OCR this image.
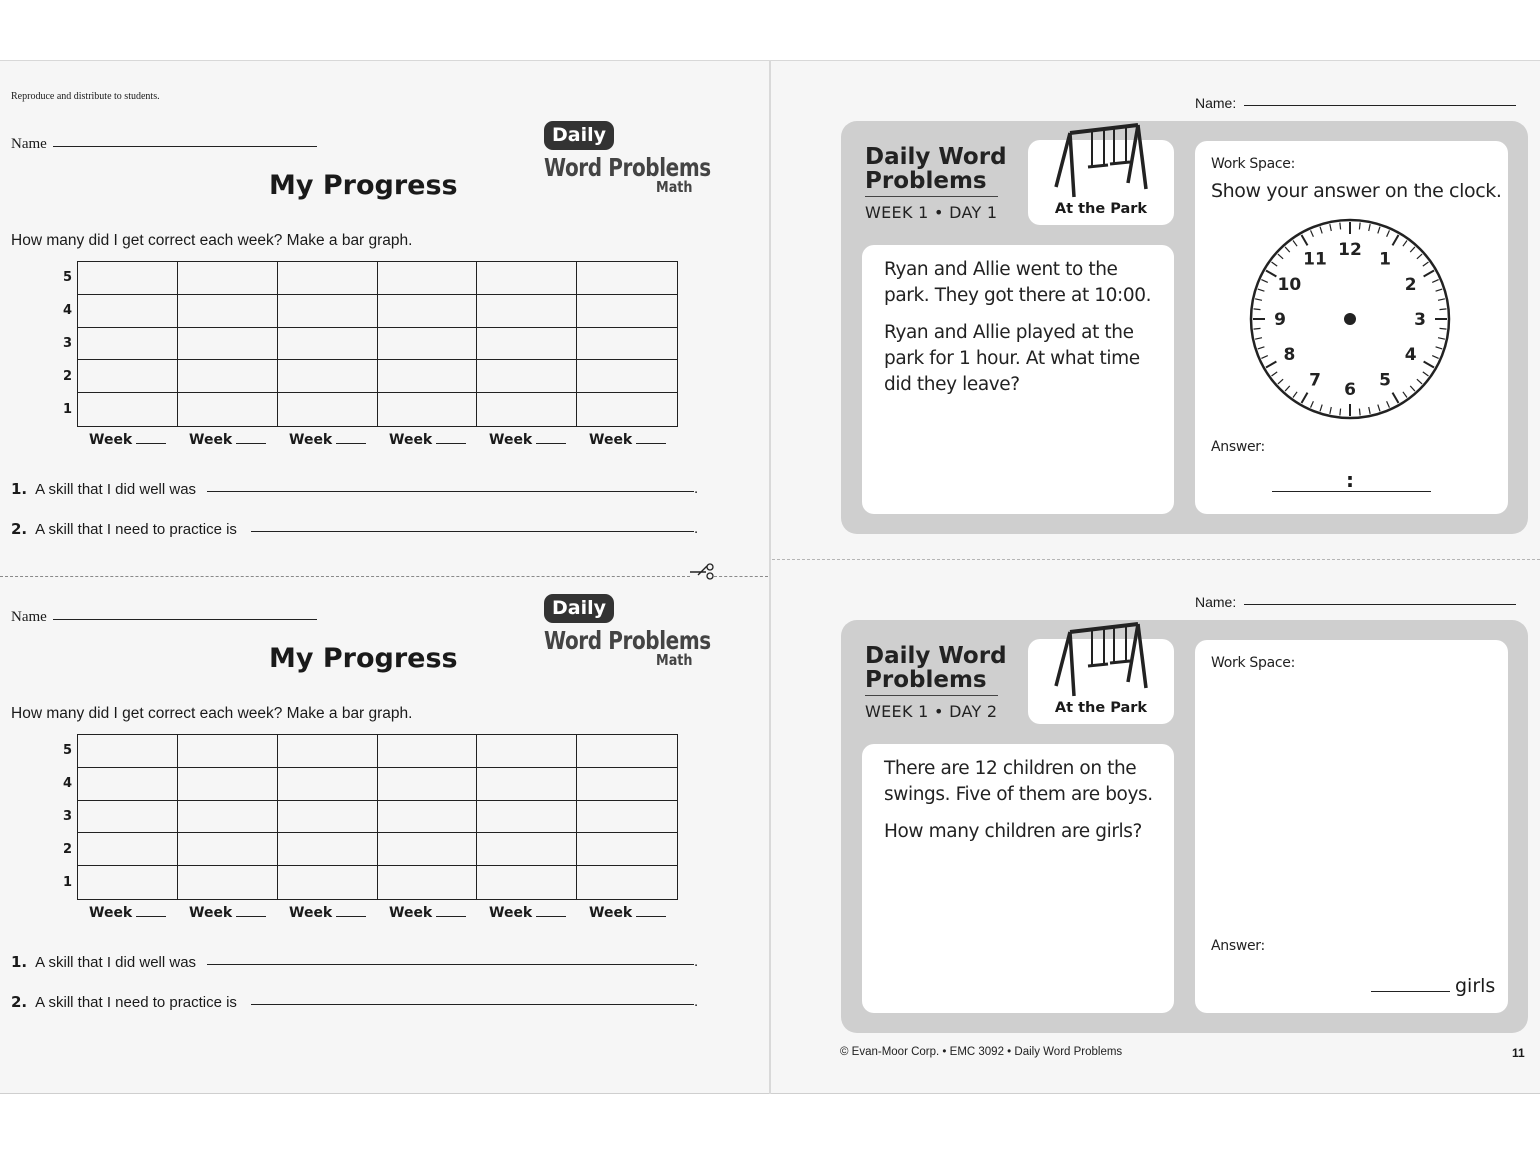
Reproduce and distribute to students.
Name	Daily
Word Problems
Math
My Progress
How many did I get correct each week? Make a bar graph.
5
4
3
2
1
Week	Week	Week	Week	Week	Week
1. A skill that I did well was	.
2. A skill that I need to practice is	.
Name	Daily
Word Problems
Math
My Progress
How many did I get correct each week? Make a bar graph.
5
4
3
2
1
Week	Week	Week	Week	Week	Week
1. A skill that I did well was	.
2. A skill that I need to practice is	.
Name:
Daily Word
Problems
WEEK 1 • DAY 1	At the Park
Ryan and Allie went to the park. They got there at 10:00.
Ryan and Allie played at the park for 1 hour. At what time did they leave?
Work Space:
Show your answer on the clock.
12 1
2
3
4
5
6
7
8
9
10
11
Answer:
:
Name:
Daily Word
Problems
WEEK 1 • DAY 2	At the Park
There are 12 children on the swings. Five of them are boys.
How many children are girls?
Work Space:
Answer:
girls
© Evan-Moor Corp. • EMC 3092 • Daily Word Problems	11
